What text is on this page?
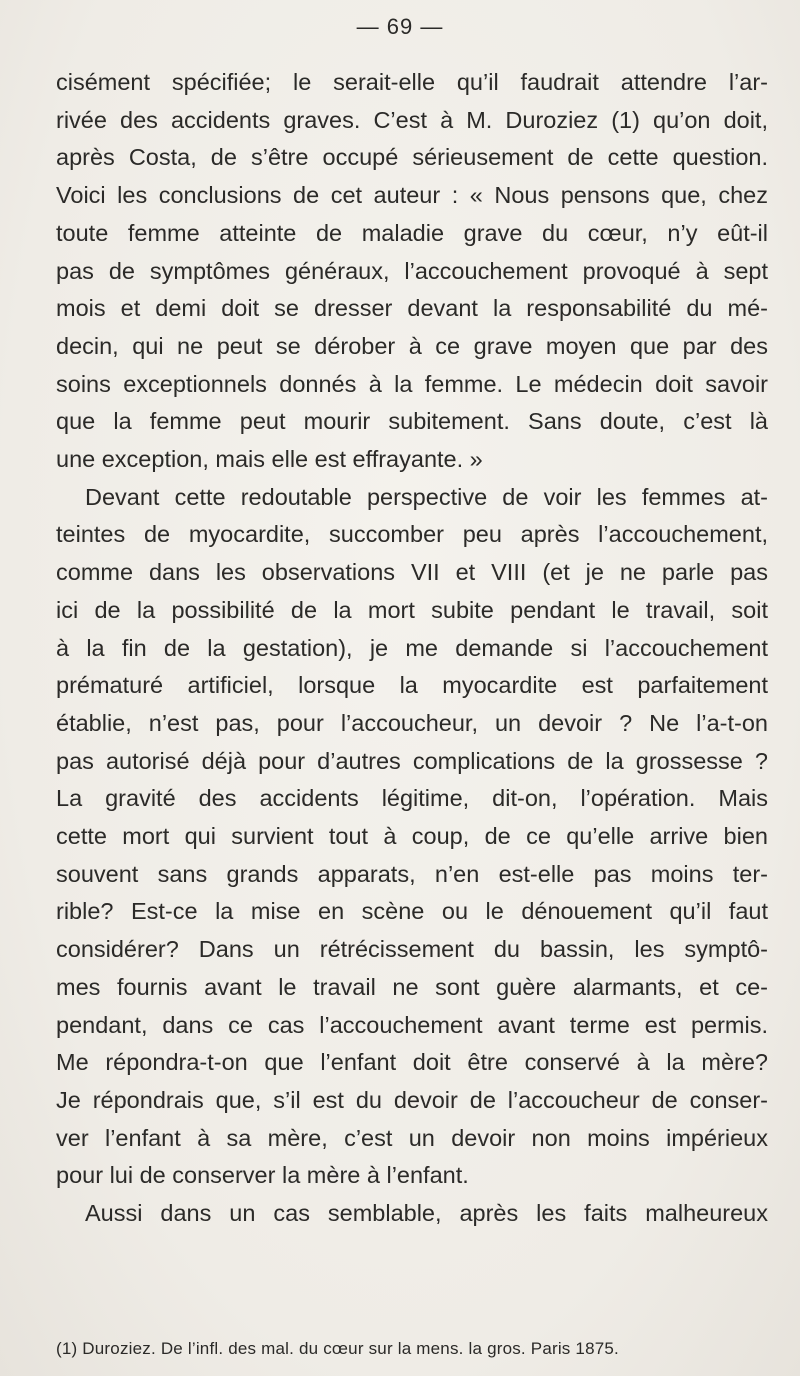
— 69 —
cisément spécifiée; le serait-elle qu’il faudrait attendre l’ar-
rivée des accidents graves. C’est à M. Duroziez (1) qu’on doit,
après Costa, de s’être occupé sérieusement de cette question.
Voici les conclusions de cet auteur : « Nous pensons que, chez
toute femme atteinte de maladie grave du cœur, n’y eût-il
pas de symptômes généraux, l’accouchement provoqué à sept
mois et demi doit se dresser devant la responsabilité du mé-
decin, qui ne peut se dérober à ce grave moyen que par des
soins exceptionnels donnés à la femme. Le médecin doit savoir
que la femme peut mourir subitement. Sans doute, c’est là
une exception, mais elle est effrayante. »
Devant cette redoutable perspective de voir les femmes at-
teintes de myocardite, succomber peu après l’accouchement,
comme dans les observations VII et VIII (et je ne parle pas
ici de la possibilité de la mort subite pendant le travail, soit
à la fin de la gestation), je me demande si l’accouchement
prématuré artificiel, lorsque la myocardite est parfaitement
établie, n’est pas, pour l’accoucheur, un devoir ? Ne l’a-t-on
pas autorisé déjà pour d’autres complications de la grossesse ?
La gravité des accidents légitime, dit-on, l’opération. Mais
cette mort qui survient tout à coup, de ce qu’elle arrive bien
souvent sans grands apparats, n’en est-elle pas moins ter-
rible? Est-ce la mise en scène ou le dénouement qu’il faut
considérer? Dans un rétrécissement du bassin, les symptô-
mes fournis avant le travail ne sont guère alarmants, et ce-
pendant, dans ce cas l’accouchement avant terme est permis.
Me répondra-t-on que l’enfant doit être conservé à la mère?
Je répondrais que, s’il est du devoir de l’accoucheur de conser-
ver l’enfant à sa mère, c’est un devoir non moins impérieux
pour lui de conserver la mère à l’enfant.
Aussi dans un cas semblable, après les faits malheureux
(1) Duroziez. De l’infl. des mal. du cœur sur la mens. la gros. Paris 1875.
